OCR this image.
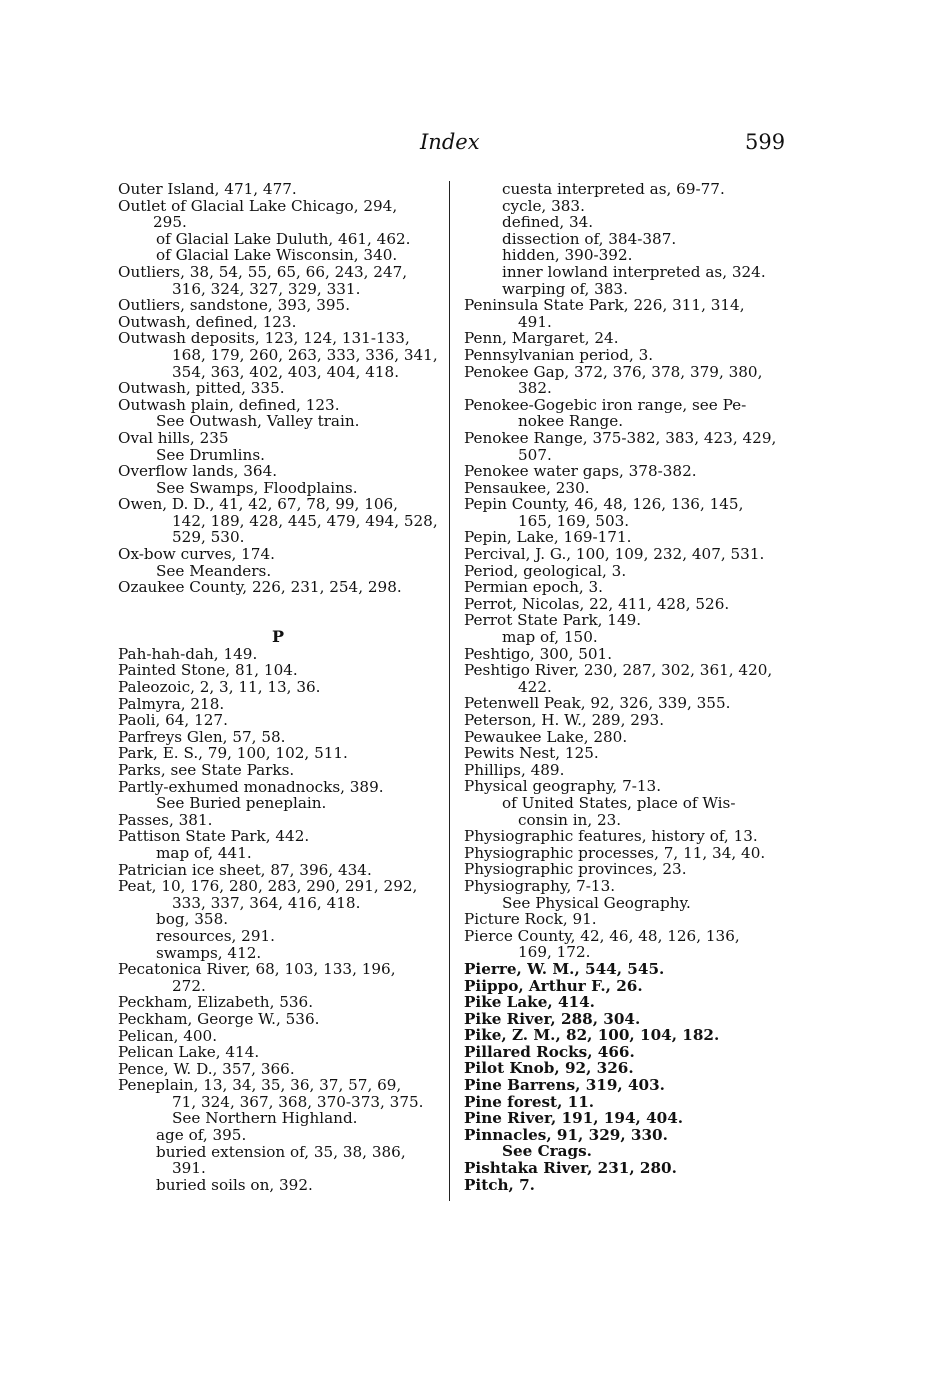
Index	599
Outer Island, 471, 477.
Outlet of Glacial Lake Chicago, 294,
295.
of Glacial Lake Duluth, 461, 462.
of Glacial Lake Wisconsin, 340.
Outliers, 38, 54, 55, 65, 66, 243, 247,
316, 324, 327, 329, 331.
Outliers, sandstone, 393, 395.
Outwash, defined, 123.
Outwash deposits, 123, 124, 131-133,
168, 179, 260, 263, 333, 336, 341,
354, 363, 402, 403, 404, 418.
Outwash, pitted, 335.
Outwash plain, defined, 123.
See Outwash, Valley train.
Oval hills, 235
See Drumlins.
Overflow lands, 364.
See Swamps, Floodplains.
Owen, D. D., 41, 42, 67, 78, 99, 106,
142, 189, 428, 445, 479, 494, 528,
529, 530.
Ox-bow curves, 174.
See Meanders.
Ozaukee County, 226, 231, 254, 298.
P
Pah-hah-dah, 149.
Painted Stone, 81, 104.
Paleozoic, 2, 3, 11, 13, 36.
Palmyra, 218.
Paoli, 64, 127.
Parfreys Glen, 57, 58.
Park, E. S., 79, 100, 102, 511.
Parks, see State Parks.
Partly-exhumed monadnocks, 389.
See Buried peneplain.
Passes, 381.
Pattison State Park, 442.
map of, 441.
Patrician ice sheet, 87, 396, 434.
Peat, 10, 176, 280, 283, 290, 291, 292,
333, 337, 364, 416, 418.
bog, 358.
resources, 291.
swamps, 412.
Pecatonica River, 68, 103, 133, 196,
272.
Peckham, Elizabeth, 536.
Peckham, George W., 536.
Pelican, 400.
Pelican Lake, 414.
Pence, W. D., 357, 366.
Peneplain, 13, 34, 35, 36, 37, 57, 69,
71, 324, 367, 368, 370-373, 375.
See Northern Highland.
age of, 395.
buried extension of, 35, 38, 386,
391.
buried soils on, 392.
cuesta interpreted as, 69-77.
cycle, 383.
defined, 34.
dissection of, 384-387.
hidden, 390-392.
inner lowland interpreted as, 324.
warping of, 383.
Peninsula State Park, 226, 311, 314,
491.
Penn, Margaret, 24.
Pennsylvanian period, 3.
Penokee Gap, 372, 376, 378, 379, 380,
382.
Penokee-Gogebic iron range, see Pe-
nokee Range.
Penokee Range, 375-382, 383, 423, 429,
507.
Penokee water gaps, 378-382.
Pensaukee, 230.
Pepin County, 46, 48, 126, 136, 145,
165, 169, 503.
Pepin, Lake, 169-171.
Percival, J. G., 100, 109, 232, 407, 531.
Period, geological, 3.
Permian epoch, 3.
Perrot, Nicolas, 22, 411, 428, 526.
Perrot State Park, 149.
map of, 150.
Peshtigo, 300, 501.
Peshtigo River, 230, 287, 302, 361, 420,
422.
Petenwell Peak, 92, 326, 339, 355.
Peterson, H. W., 289, 293.
Pewaukee Lake, 280.
Pewits Nest, 125.
Phillips, 489.
Physical geography, 7-13.
of United States, place of Wis-
consin in, 23.
Physiographic features, history of, 13.
Physiographic processes, 7, 11, 34, 40.
Physiographic provinces, 23.
Physiography, 7-13.
See Physical Geography.
Picture Rock, 91.
Pierce County, 42, 46, 48, 126, 136,
169, 172.
Pierre, W. M., 544, 545.
Piippo, Arthur F., 26.
Pike Lake, 414.
Pike River, 288, 304.
Pike, Z. M., 82, 100, 104, 182.
Pillared Rocks, 466.
Pilot Knob, 92, 326.
Pine Barrens, 319, 403.
Pine forest, 11.
Pine River, 191, 194, 404.
Pinnacles, 91, 329, 330.
See Crags.
Pishtaka River, 231, 280.
Pitch, 7.
